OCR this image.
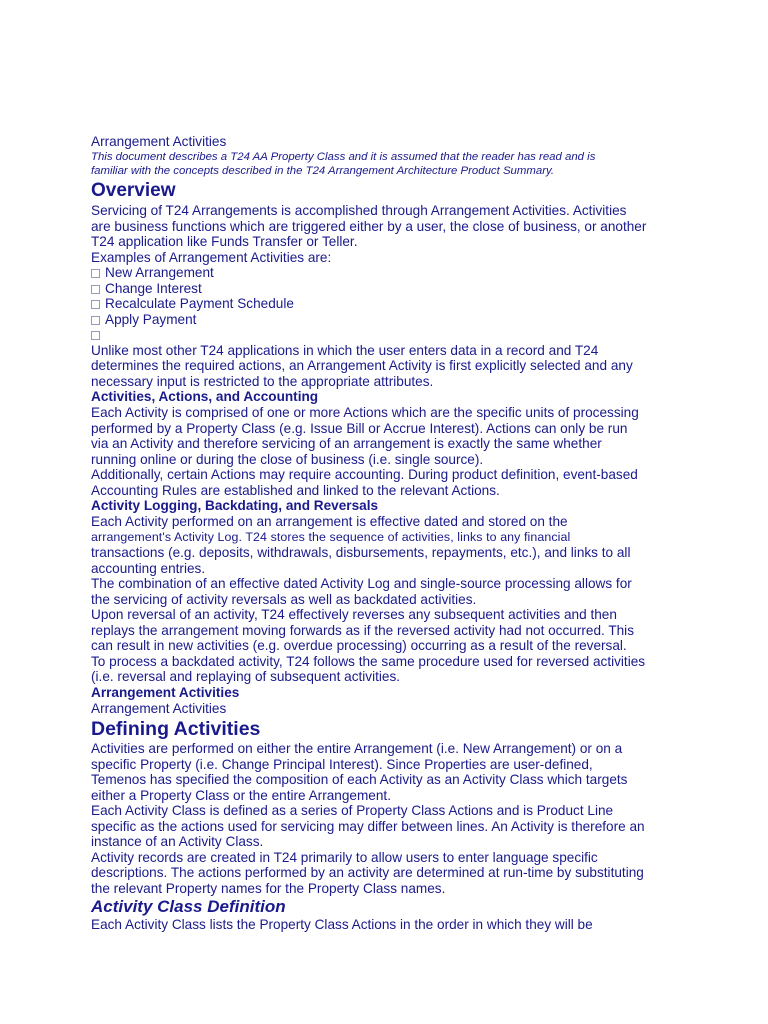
Arrangement Activities
This document describes a T24 AA Property Class and it is assumed that the reader has read and is
familiar with the concepts described in the T24 Arrangement Architecture Product Summary.
Overview
Servicing of T24 Arrangements is accomplished through Arrangement Activities. Activities
are business functions which are triggered either by a user, the close of business, or another
T24 application like Funds Transfer or Teller.
Examples of Arrangement Activities are:
New Arrangement
Change Interest
Recalculate Payment Schedule
Apply Payment
Unlike most other T24 applications in which the user enters data in a record and T24
determines the required actions, an Arrangement Activity is first explicitly selected and any
necessary input is restricted to the appropriate attributes.
Activities, Actions, and Accounting
Each Activity is comprised of one or more Actions which are the specific units of processing
performed by a Property Class (e.g. Issue Bill or Accrue Interest). Actions can only be run
via an Activity and therefore servicing of an arrangement is exactly the same whether
running online or during the close of business (i.e. single source).
Additionally, certain Actions may require accounting. During product definition, event-based
Accounting Rules are established and linked to the relevant Actions.
Activity Logging, Backdating, and Reversals
Each Activity performed on an arrangement is effective dated and stored on the
arrangement's Activity Log. T24 stores the sequence of activities, links to any financial
transactions (e.g. deposits, withdrawals, disbursements, repayments, etc.), and links to all
accounting entries.
The combination of an effective dated Activity Log and single-source processing allows for
the servicing of activity reversals as well as backdated activities.
Upon reversal of an activity, T24 effectively reverses any subsequent activities and then
replays the arrangement moving forwards as if the reversed activity had not occurred. This
can result in new activities (e.g. overdue processing) occurring as a result of the reversal.
To process a backdated activity, T24 follows the same procedure used for reversed activities
(i.e. reversal and replaying of subsequent activities.
Arrangement Activities
Arrangement Activities
Defining Activities
Activities are performed on either the entire Arrangement (i.e. New Arrangement) or on a
specific Property (i.e. Change Principal Interest). Since Properties are user-defined,
Temenos has specified the composition of each Activity as an Activity Class which targets
either a Property Class or the entire Arrangement.
Each Activity Class is defined as a series of Property Class Actions and is Product Line
specific as the actions used for servicing may differ between lines. An Activity is therefore an
instance of an Activity Class.
Activity records are created in T24 primarily to allow users to enter language specific
descriptions. The actions performed by an activity are determined at run-time by substituting
the relevant Property names for the Property Class names.
Activity Class Definition
Each Activity Class lists the Property Class Actions in the order in which they will be
